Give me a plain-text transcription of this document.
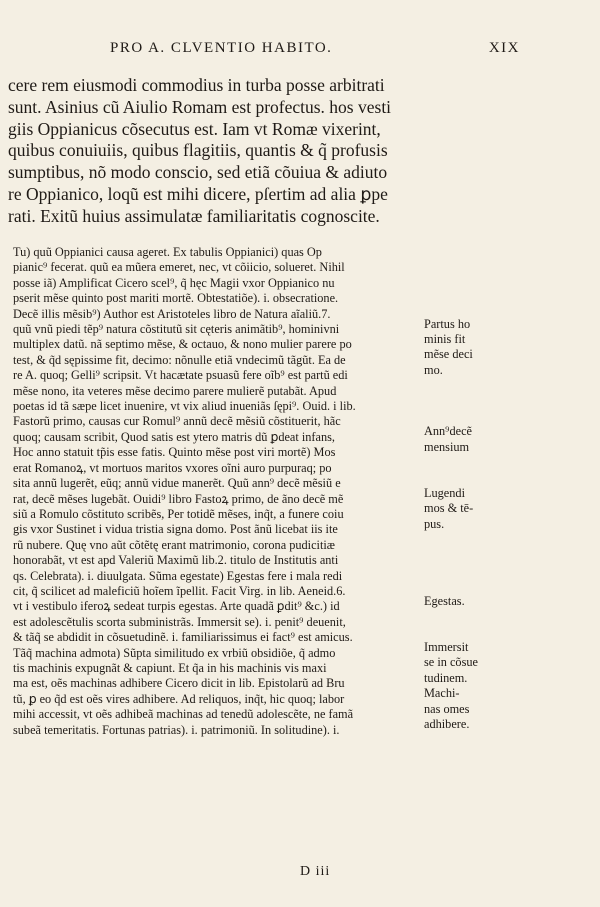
PRO A. CLVENTIO HABITO.	XIX
cere rem eiusmodi commodius in turba posse arbitrati
sunt. Asinius cũ Aiulio Romam est profectus. hos vesti
giis Oppianicus cõsecutus est. Iam vt Romæ vixerint,
quibus conuiuiis, quibus flagitiis, quantis & q̃ profusis
sumptibus, nõ modo conscio, sed etiã cõuiua & adiuto
re Oppianico, loqũ est mihi dicere, pſertim ad alia ꝑpe
rati. Exitũ huius assimulatæ familiaritatis cognoscite.
Tu) quũ Oppianici causa ageret. Ex tabulis Oppianici) quas Op
pianic⁹ fecerat. quũ ea mũera emeret, nec, vt cõiicio, solueret. Nihil
posse iã) Amplificat Cicero scel⁹, q̃ hęc Magii vxor Oppianico nu
pserit mẽse quinto post mariti mortẽ. Obtestatiõe). i. obsecratione.
Decẽ illis mẽsib⁹) Author est Aristoteles libro de Natura aĩaliũ.7.
quũ vnũ piedi tẽp⁹ natura cõstitutũ sit cęteris animãtib⁹, hominivni
multiplex datũ. nã septimo mẽse, & octauo, & nono mulier parere po
test, & q̃d sępissime fit, decimo: nõnulle etiã vndecimũ tãgũt. Ea de
re A. quoq; Gelli⁹ scripsit. Vt hacætate psuasũ fere oĩb⁹ est partũ edi
mẽse nono, ita veteres mẽse decimo parere mulierẽ putabãt. Apud
poetas id tã sæpe licet inuenire, vt vix aliud inueniãs ſępi⁹. Ouid. i lib.
Fastorũ primo, causas cur Romul⁹ annũ decẽ mẽsiũ cõstituerit, hãc
quoq; causam scribit, Quod satis est ytero matris dũ ꝑdeat infans,
Hoc anno statuit tp̃is esse fatis. Quinto mẽse post viri mortẽ) Mos
erat Romanoꝝ, vt mortuos maritos vxores oĩni auro purpuraq; po
sita annũ lugerẽt, eũq; annũ vidue manerẽt. Quũ ann⁹ decẽ mẽsiũ e
rat, decẽ mẽses lugebãt. Ouidi⁹ libro Fastoꝝ primo, de ãno decẽ mẽ
siũ a Romulo cõstituto scribẽs, Per totidẽ mẽses, inq̃t, a funere coiu
gis vxor Sustinet i vidua tristia signa domo. Post ãnũ licebat iis ite
rũ nubere. Quę vno aũt cõtẽtę erant matrimonio, corona pudicitiæ
honorabãt, vt est apd Valeriũ Maximũ lib.2. titulo de Institutis anti
qs. Celebrata). i. diuulgata. Sũma egestate) Egestas fere i mala redi
cit, q̃ scilicet ad maleficiũ hoĩem ĩpellit. Facit Virg. in lib. Aeneid.6.
vt i vestibulo iferoꝝ sedeat turpis egestas. Arte quadã ꝑdit⁹ &c.) id
est adolescẽtulis scorta subministrãs. Immersit se). i. penit⁹ deuenit,
& tãq̃ se abdidit in cõsuetudinẽ. i. familiarissimus ei fact⁹ est amicus.
Tãq̃ machina admota) Sũpta similitudo ex vrbiũ obsidiõe, q̃ admo
tis machinis expugnãt & capiunt. Et q̃a in his machinis vis maxi
ma est, oẽs machinas adhibere Cicero dicit in lib. Epistolarũ ad Bru
tũ, ꝑ eo q̃d est oẽs vires adhibere. Ad reliquos, inq̃t, hic quoq; labor
mihi accessit, vt oẽs adhibeã machinas ad tenedũ adolescẽte, ne famã
subeã temeritatis. Fortunas patrias). i. patrimoniũ. In solitudine). i.
Partus ho
minis fit
mẽse deci
mo.
Ann⁹decẽ
mensium
Lugendi
mos & tē-
pus.
Egestas.
Immersit
se in cõsue
tudinem.
Machi-
nas omes
adhibere.
D iii
